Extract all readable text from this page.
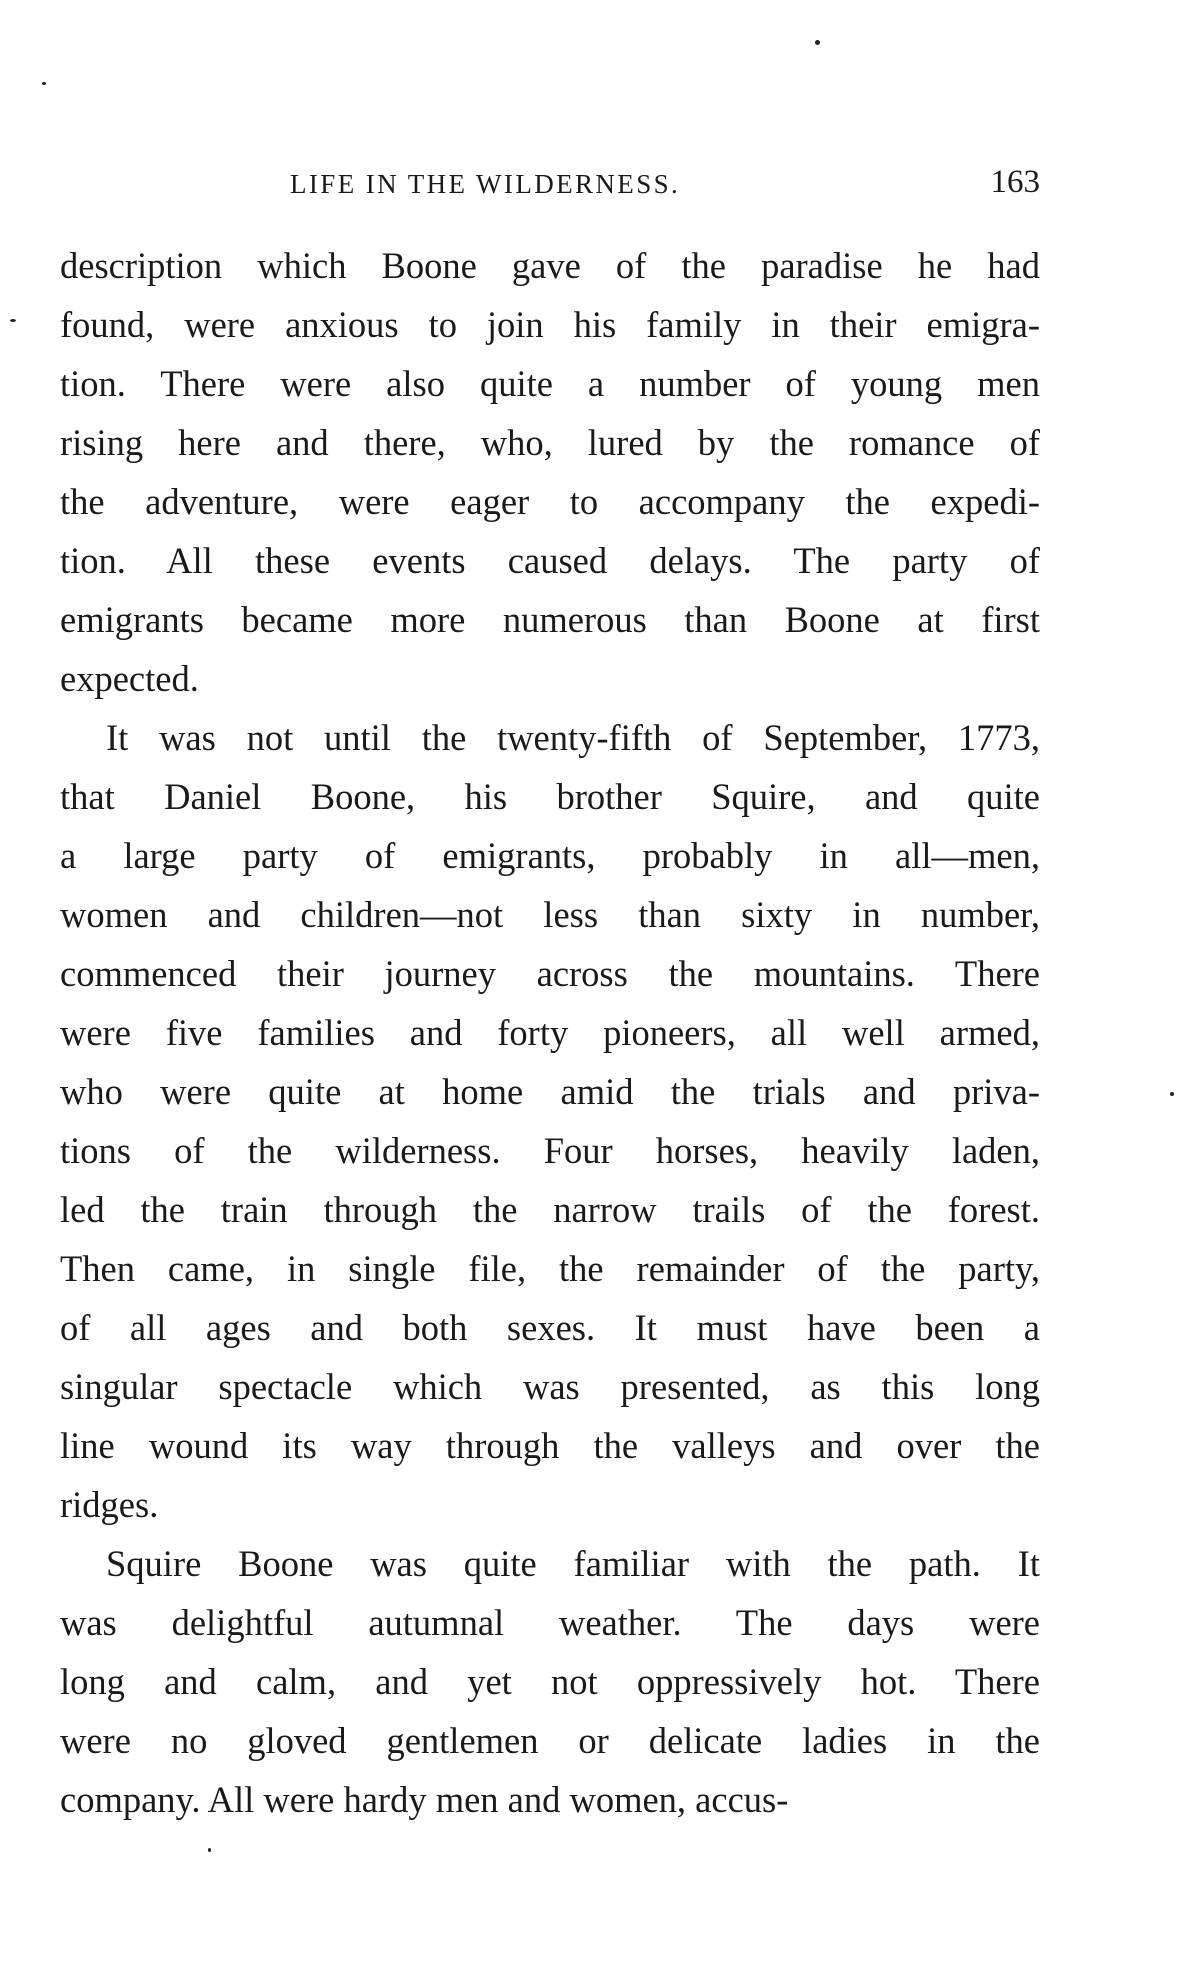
LIFE IN THE WILDERNESS.	163
description which Boone gave of the paradise he had
found, were anxious to join his family in their emigra-
tion. There were also quite a number of young men
rising here and there, who, lured by the romance of
the adventure, were eager to accompany the expedi-
tion. All these events caused delays. The party of
emigrants became more numerous than Boone at first
expected.
It was not until the twenty-fifth of September, 1773,
that Daniel Boone, his brother Squire, and quite
a large party of emigrants, probably in all—men,
women and children—not less than sixty in number,
commenced their journey across the mountains. There
were five families and forty pioneers, all well armed,
who were quite at home amid the trials and priva-
tions of the wilderness. Four horses, heavily laden,
led the train through the narrow trails of the forest.
Then came, in single file, the remainder of the party,
of all ages and both sexes. It must have been a
singular spectacle which was presented, as this long
line wound its way through the valleys and over the
ridges.
Squire Boone was quite familiar with the path. It
was delightful autumnal weather. The days were
long and calm, and yet not oppressively hot. There
were no gloved gentlemen or delicate ladies in the
company. All were hardy men and women, accus-
